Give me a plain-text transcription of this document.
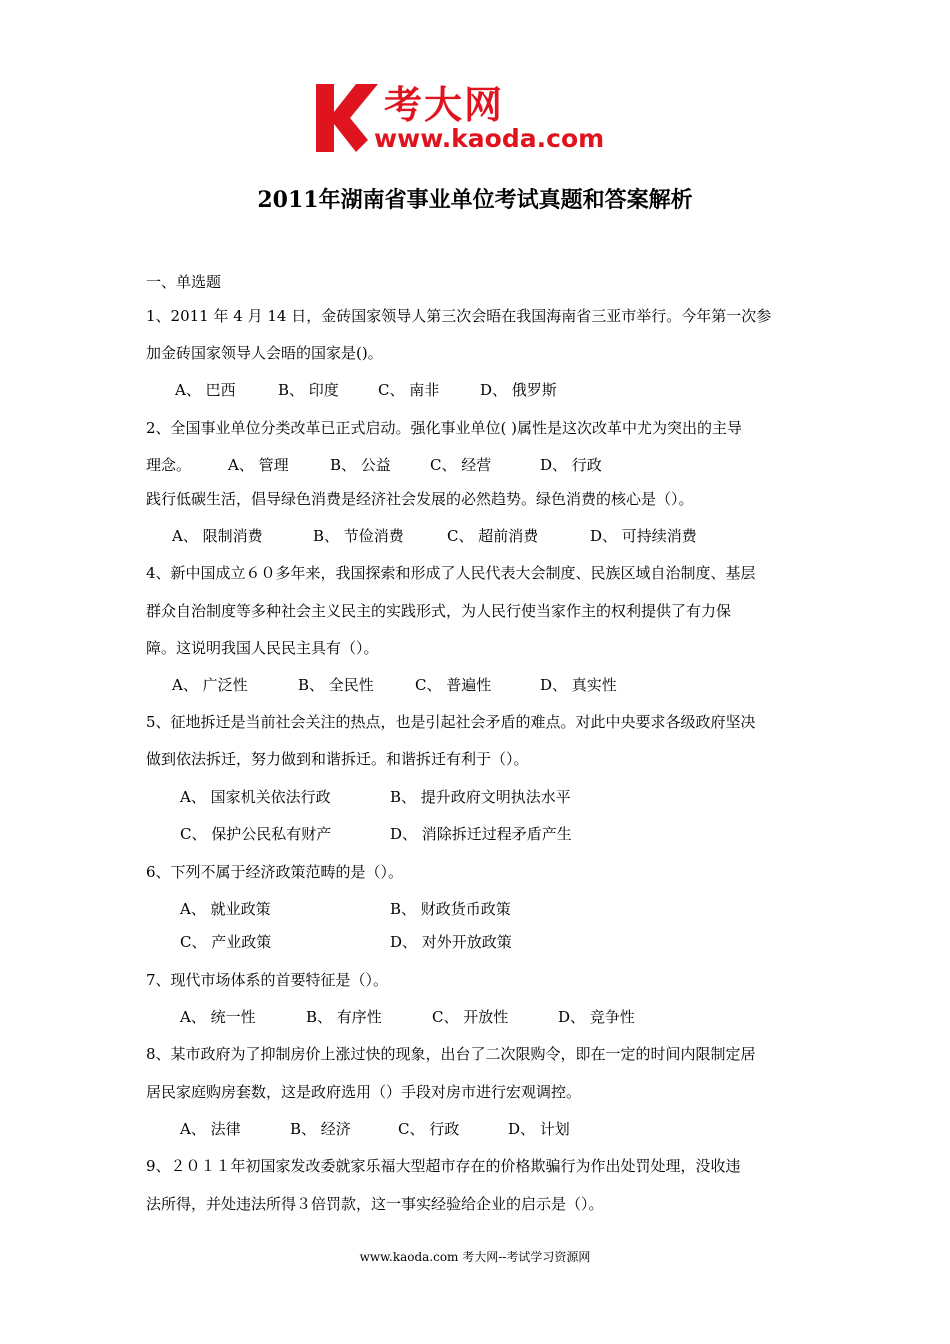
考大网
www.kaoda.com
2011年湖南省事业单位考试真题和答案解析
一、单选题
1、2011 年 4 月 14 日，金砖国家领导人第三次会晤在我国海南省三亚市举行。今年第一次参
加金砖国家领导人会晤的国家是()。
A、 巴西	B、 印度	C、 南非	D、 俄罗斯
2、全国事业单位分类改革已正式启动。强化事业单位( )属性是这次改革中尤为突出的主导
理念。	A、 管理	B、 公益	C、 经营	D、 行政
践行低碳生活，倡导绿色消费是经济社会发展的必然趋势。绿色消费的核心是（）。
A、 限制消费	B、 节俭消费	C、 超前消费	D、 可持续消费
4、新中国成立６０多年来，我国探索和形成了人民代表大会制度、民族区域自治制度、基层
群众自治制度等多种社会主义民主的实践形式，为人民行使当家作主的权利提供了有力保
障。这说明我国人民民主具有（）。
A、 广泛性	B、 全民性	C、 普遍性	D、 真实性
5、征地拆迁是当前社会关注的热点，也是引起社会矛盾的难点。对此中央要求各级政府坚决
做到依法拆迁，努力做到和谐拆迁。和谐拆迁有利于（）。
A、 国家机关依法行政	B、 提升政府文明执法水平
C、 保护公民私有财产	D、 消除拆迁过程矛盾产生
6、下列不属于经济政策范畴的是（）。
A、 就业政策	B、 财政货币政策
C、 产业政策	D、 对外开放政策
7、现代市场体系的首要特征是（）。
A、 统一性	B、 有序性	C、 开放性	D、 竞争性
8、某市政府为了抑制房价上涨过快的现象，出台了二次限购令，即在一定的时间内限制定居
居民家庭购房套数，这是政府选用（）手段对房市进行宏观调控。
A、 法律	B、 经济	C、 行政	D、 计划
9、２０１１年初国家发改委就家乐福大型超市存在的价格欺骗行为作出处罚处理，没收违
法所得，并处违法所得３倍罚款，这一事实经验给企业的启示是（）。
www.kaoda.com 考大网--考试学习资源网
